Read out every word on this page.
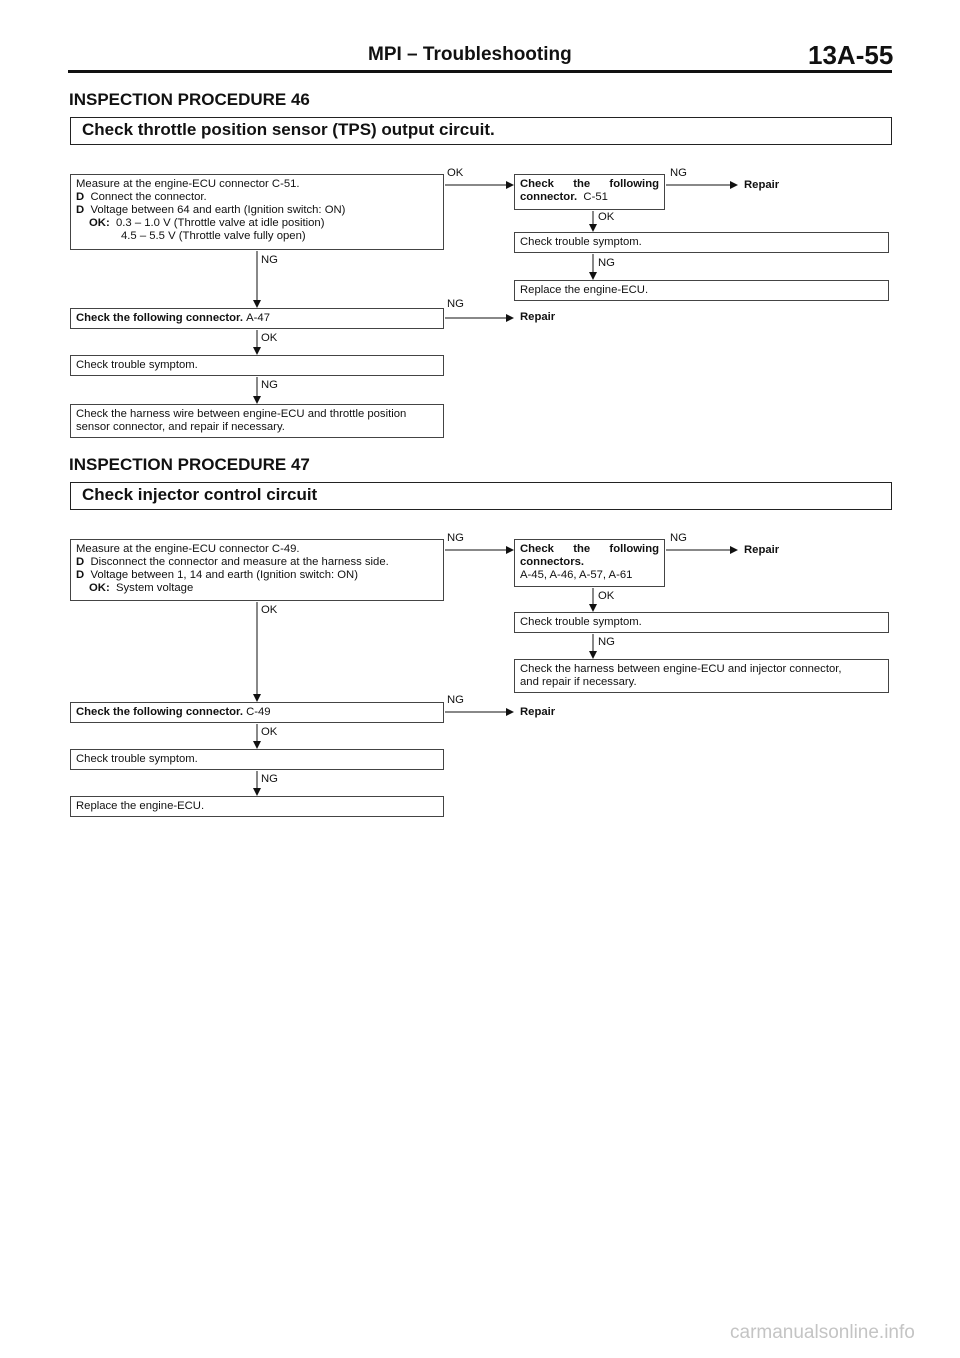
MPI – Troubleshooting	13A-55
INSPECTION PROCEDURE 46
Check throttle position sensor (TPS) output circuit.
Measure at the engine-ECU connector C-51.
D Connect the connector.
D Voltage between 64 and earth (Ignition switch: ON)
OK: 0.3 – 1.0 V (Throttle valve at idle position)
4.5 – 5.5 V (Throttle valve fully open)
Check the following
connector. C-51
Check trouble symptom.
Replace the engine-ECU.
Check the following connector. A-47
Check trouble symptom.
Check the harness wire between engine-ECU and throttle position
sensor connector, and repair if necessary.
OK	NG
OK
NG
NG
NG
OK
NG
Repair
Repair
INSPECTION PROCEDURE 47
Check injector control circuit
Measure at the engine-ECU connector C-49.
D Disconnect the connector and measure at the harness side.
D Voltage between 1, 14 and earth (Ignition switch: ON)
OK: System voltage
Check the following
connectors.
A-45, A-46, A-57, A-61
Check trouble symptom.
Check the harness between engine-ECU and injector connector,
and repair if necessary.
Check the following connector. C-49
Check trouble symptom.
Replace the engine-ECU.
NG	NG
OK
NG
OK
NG
OK
NG
Repair
Repair
carmanualsonline.info
